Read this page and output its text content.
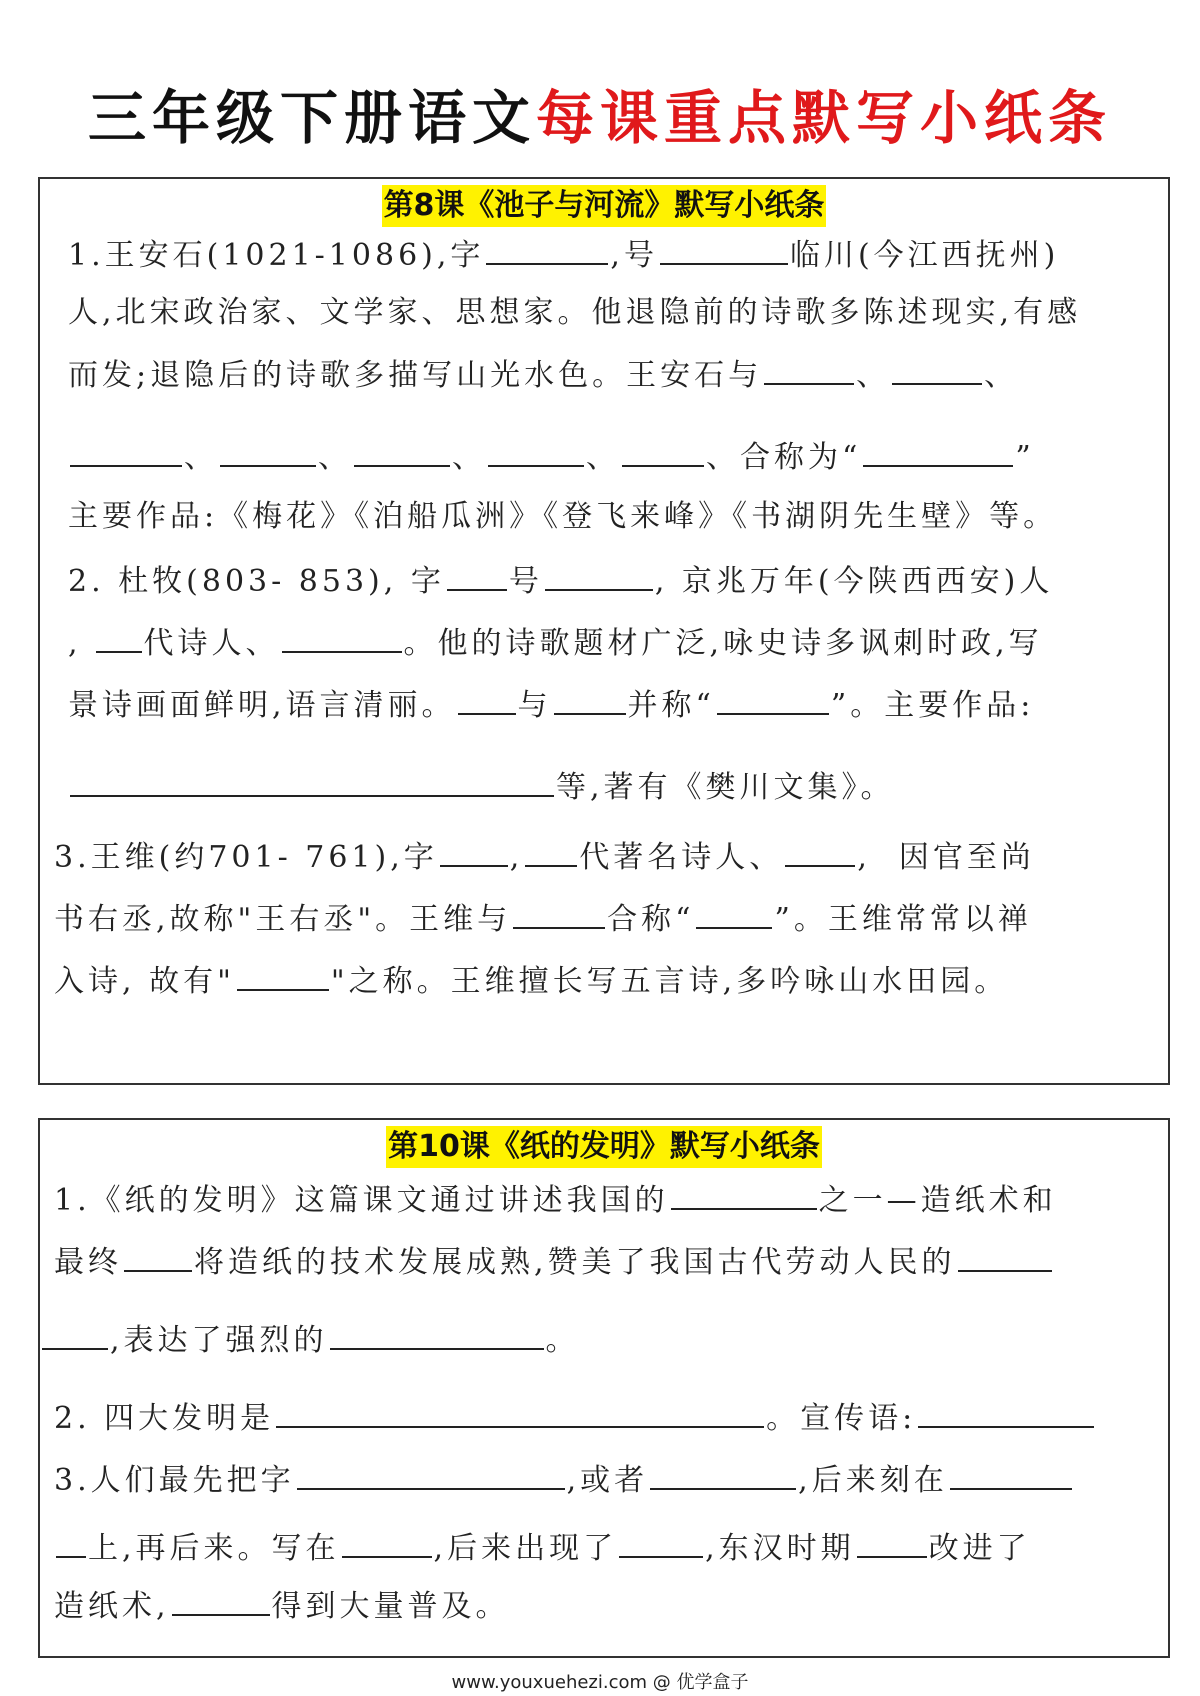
三年级下册语文每课重点默写小纸条
第8课《池子与河流》默写小纸条
1.王安石(1021-1086),字	,号	临川(今江西抚州)
人,北宋政治家、文学家、思想家。他退隐前的诗歌多陈述现实,有感
而发;退隐后的诗歌多描写山光水色。王安石与	、	、
、	、	、	、	、合称为“	”
主要作品:《梅花》《泊船瓜洲》《登飞来峰》《书湖阴先生壁》等。
2. 杜牧(803- 853), 字 号	, 京兆万年(今陕西西安)人
, 代诗人、	。他的诗歌题材广泛,咏史诗多讽刺时政,写
景诗画面鲜明,语言清丽。 与	并称“	”。主要作品:
等,著有《樊川文集》。
3.王维(约701- 761),字 , 代著名诗人、 , 因官至尚
书右丞,故称"王右丞"。王维与	合称“	”。王维常常以禅
入诗, 故有"	"之称。王维擅长写五言诗,多吟咏山水田园。
第10课《纸的发明》默写小纸条
1.《纸的发明》这篇课文通过讲述我国的	之一—造纸术和
最终 将造纸的技术发展成熟,赞美了我国古代劳动人民的
,表达了强烈的	。
2. 四大发明是	。宣传语:
3.人们最先把字	,或者	,后来刻在
上,再后来。写在	,后来出现了	,东汉时期 改进了
造纸术,	得到大量普及。
www.youxuehezi.com @ 优学盒子
